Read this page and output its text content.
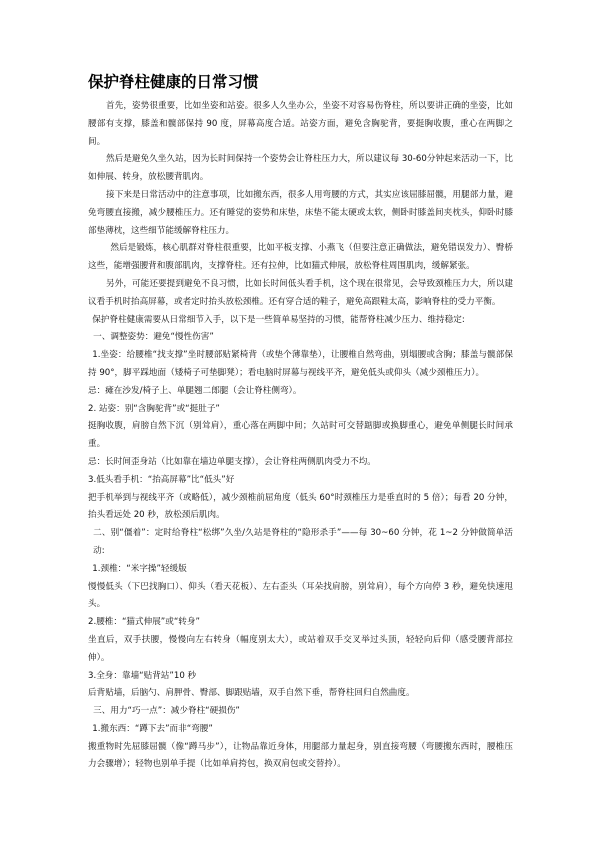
保护脊柱健康的日常习惯

首先，姿势很重要，比如坐姿和站姿。很多人久坐办公，坐姿不对容易伤脊柱，所以要讲正确的坐姿，比如腰部有支撑，膝盖和髋部保持 90 度，屏幕高度合适。站姿方面，避免含胸驼背，要挺胸收腹，重心在两脚之间。

然后是避免久坐久站，因为长时间保持一个姿势会让脊柱压力大，所以建议每 30-60分钟起来活动一下，比如伸展、转身，放松腰背肌肉。

接下来是日常活动中的注意事项，比如搬东西，很多人用弯腰的方式，其实应该屈膝屈髋，用腿部力量，避免弯腰直接搬，减少腰椎压力。还有睡觉的姿势和床垫，床垫不能太硬或太软，侧卧时膝盖间夹枕头，仰卧时膝部垫薄枕，这些细节能缓解脊柱压力。

然后是锻炼，核心肌群对脊柱很重要，比如平板支撑、小燕飞（但要注意正确做法，避免错误发力）、臀桥这些，能增强腰背和腹部肌肉，支撑脊柱。还有拉伸，比如猫式伸展，放松脊柱周围肌肉，缓解紧张。

另外，可能还要提到避免不良习惯，比如长时间低头看手机，这个现在很常见，会导致颈椎压力大，所以建议看手机时抬高屏幕，或者定时抬头放松颈椎。还有穿合适的鞋子，避免高跟鞋太高，影响脊柱的受力平衡。

保护脊柱健康需要从日常细节入手，以下是一些简单易坚持的习惯，能帮脊柱减少压力、维持稳定:

一、调整姿势：避免“慢性伤害”

1.坐姿：给腰椎“找支撑”坐时腰部贴紧椅背（或垫个薄靠垫），让腰椎自然弯曲，别塌腰或含胸；膝盖与髋部保持 90°，脚平踩地面（矮椅子可垫脚凳）；看电脑时屏幕与视线平齐，避免低头或仰头（减少颈椎压力）。

忌：瘫在沙发/椅子上、单腿翘二郎腿（会让脊柱侧弯）。

2. 站姿：别“含胸驼背”或“挺肚子”

挺胸收腹，肩膀自然下沉（别耸肩），重心落在两脚中间；久站时可交替踮脚或换脚重心，避免单侧腿长时间承重。

忌：长时间歪身站（比如靠在墙边单腿支撑），会让脊柱两侧肌肉受力不均。

3.低头看手机：“抬高屏幕”比“低头”好

把手机举到与视线平齐（或略低），减少颈椎前屈角度（低头 60°时颈椎压力是垂直时的 5 倍）；每看 20 分钟，抬头看远处 20 秒，放松颈后肌肉。

二、别“僵着”：定时给脊柱“松绑”久坐/久站是脊柱的“隐形杀手”——每 30~60 分钟，花 1~2 分钟做简单活动:

1.颈椎：“米字操”轻缓版

慢慢低头（下巴找胸口）、仰头（看天花板）、左右歪头（耳朵找肩膀，别耸肩），每个方向停 3 秒，避免快速甩头。

2.腰椎：“猫式伸展”或“转身”

坐直后，双手扶腰，慢慢向左右转身（幅度别太大），或站着双手交叉举过头顶，轻轻向后仰（感受腰背部拉伸）。

3.全身：靠墙“贴背站”10 秒

后背贴墙，后脑勺、肩胛骨、臀部、脚跟贴墙，双手自然下垂，帮脊柱回归自然曲度。

三、用力“巧一点”：减少脊柱“硬损伤”

1.搬东西：“蹲下去”而非“弯腰”

搬重物时先屈膝屈髋（像“蹲马步”），让物品靠近身体，用腿部力量起身，别直接弯腰（弯腰搬东西时，腰椎压力会骤增）；轻物也别单手提（比如单肩挎包，换双肩包或交替拎）。
